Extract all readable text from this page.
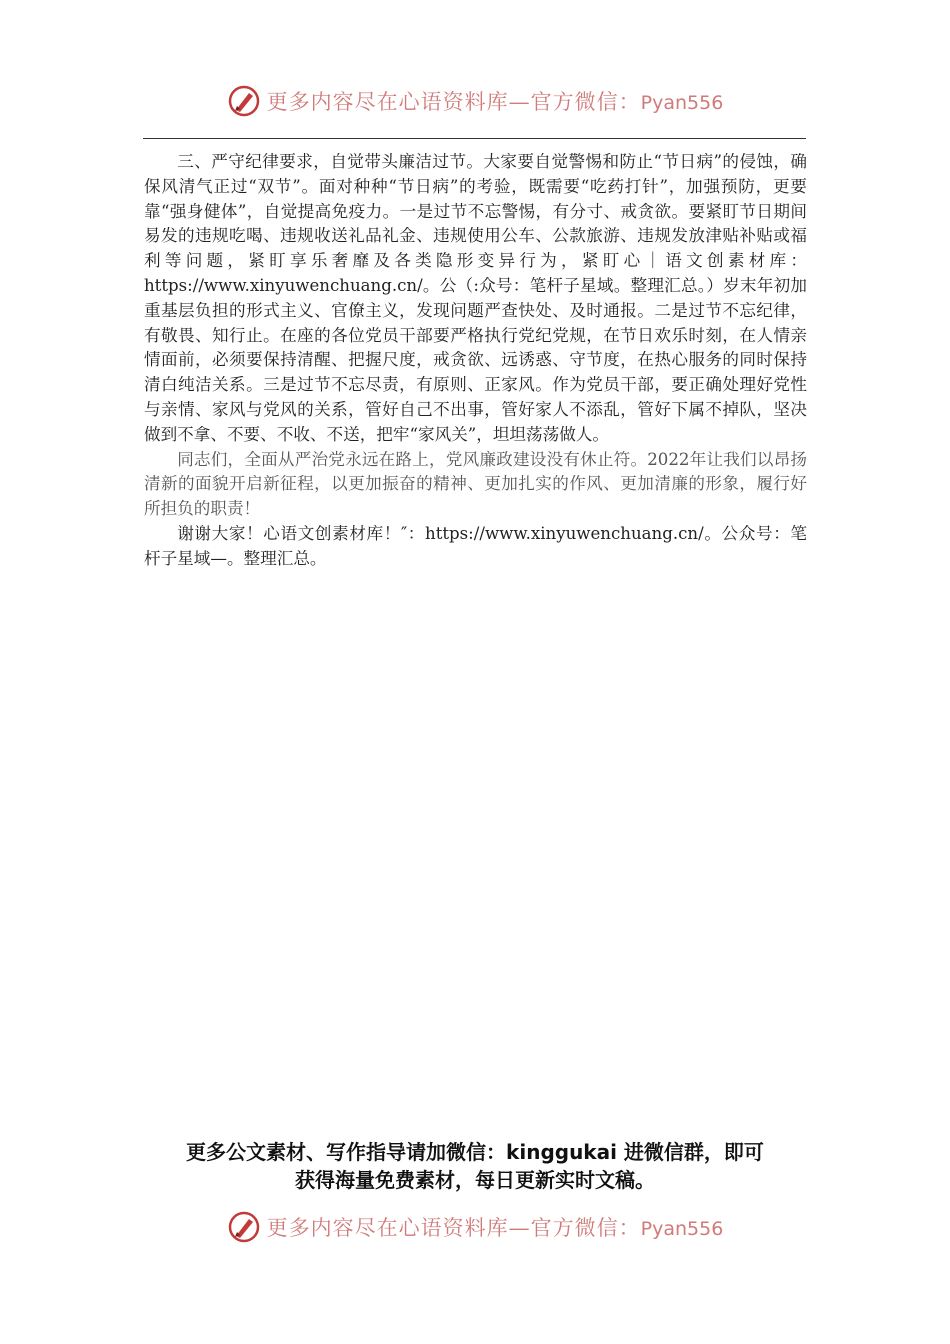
更多内容尽在心语资料库—官方微信：Pyan556

三、严守纪律要求，自觉带头廉洁过节。大家要自觉警惕和防止“节日病”的侵蚀，确保风清气正过“双节”。面对种种“节日病”的考验，既需要“吃药打针”，加强预防，更要靠“强身健体”，自觉提高免疫力。一是过节不忘警惕，有分寸、戒贪欲。要紧盯节日期间易发的违规吃喝、违规收送礼品礼金、违规使用公车、公款旅游、违规发放津贴补贴或福利等问题，紧盯享乐奢靡及各类隐形变异行为，紧盯心｜语文创素材库：https://www.xinyuwenchuang.cn/。公（:众号：笔杆子星域。整理汇总。）岁末年初加重基层负担的形式主义、官僚主义，发现问题严查快处、及时通报。二是过节不忘纪律，有敬畏、知行止。在座的各位党员干部要严格执行党纪党规，在节日欢乐时刻，在人情亲情面前，必须要保持清醒、把握尺度，戒贪欲、远诱惑、守节度，在热心服务的同时保持清白纯洁关系。三是过节不忘尽责，有原则、正家风。作为党员干部，要正确处理好党性与亲情、家风与党风的关系，管好自己不出事，管好家人不添乱，管好下属不掉队，坚决做到不拿、不要、不收、不送，把牢“家风关”，坦坦荡荡做人。

同志们，全面从严治党永远在路上，党风廉政建设没有休止符。2022年让我们以昂扬清新的面貌开启新征程，以更加振奋的精神、更加扎实的作风、更加清廉的形象，履行好所担负的职责！

谢谢大家！心语文创素材库！″：https://www.xinyuwenchuang.cn/。公众号：笔杆子星域—。整理汇总。

更多公文素材、写作指导请加微信：kinggukai 进微信群，即可
获得海量免费素材，每日更新实时文稿。
更多内容尽在心语资料库—官方微信：Pyan556
